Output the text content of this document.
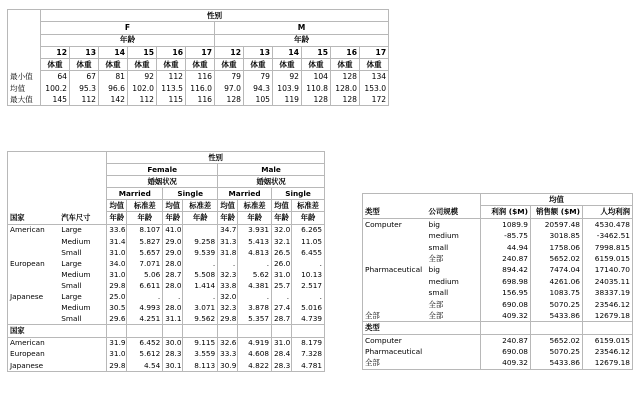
	性别											
	F						M					
	年龄						年龄					
	12	13	14	15	16	17	12	13	14	15	16	17
	体重	体重	体重	体重	体重	体重	体重	体重	体重	体重	体重	体重
最小值	64	67	81	92	112	116	79	79	92	104	128	134
均值	100.2	95.3	96.6	102.0	113.5	116.0	97.0	94.3	103.9	110.8	128.0	153.0
最大值	145	112	142	112	115	116	128	105	119	128	128	172
		性别							
		Female				Male			
		婚姻状况				婚姻状况			
		Married		Single		Married		Single	
		均值	标准差	均值	标准差	均值	标准差	均值	标准差
国家	汽车尺寸	年龄	年龄	年龄	年龄	年龄	年龄	年龄	年龄
American	Large	33.6	8.107	41.0		34.7	3.931	32.0	6.265
	Medium	31.4	5.827	29.0	9.258	31.3	5.413	32.1	11.05
	Small	31.0	5.657	29.0	9.539	31.8	4.813	26.5	6.455
European	Large	34.0	7.071	28.0	.	.	.	26.0	.
	Medium	31.0	5.06	28.7	5.508	32.3	5.62	31.0	10.13
	Small	29.8	6.611	28.0	1.414	33.8	4.381	25.7	2.517
Japanese	Large	25.0	.	.	.	32.0	.	.	.
	Medium	30.5	4.993	28.0	3.071	32.3	3.878	27.4	5.016
	Small	29.6	4.251	31.1	9.562	29.8	5.357	28.7	4.739
国家									
American		31.9	6.452	30.0	9.115	32.6	4.919	31.0	8.179
European		31.0	5.612	28.3	3.559	33.3	4.608	28.4	7.328
Japanese		29.8	4.54	30.1	8.113	30.9	4.822	28.3	4.781
		均值		
类型	公司规模	利润 ($M)	销售额 ($M)	人均利润
Computer	big	1089.9	20597.48	4530.478
	medium	-85.75	3018.85	-3462.51
	small	44.94	1758.06	7998.815
	全部	240.87	5652.02	6159.015
Pharmaceutical	big	894.42	7474.04	17140.70
	medium	698.98	4261.06	24035.11
	small	156.95	1083.75	38337.19
	全部	690.08	5070.25	23546.12
全部	全部	409.32	5433.86	12679.18
类型				
Computer		240.87	5652.02	6159.015
Pharmaceutical		690.08	5070.25	23546.12
全部		409.32	5433.86	12679.18
